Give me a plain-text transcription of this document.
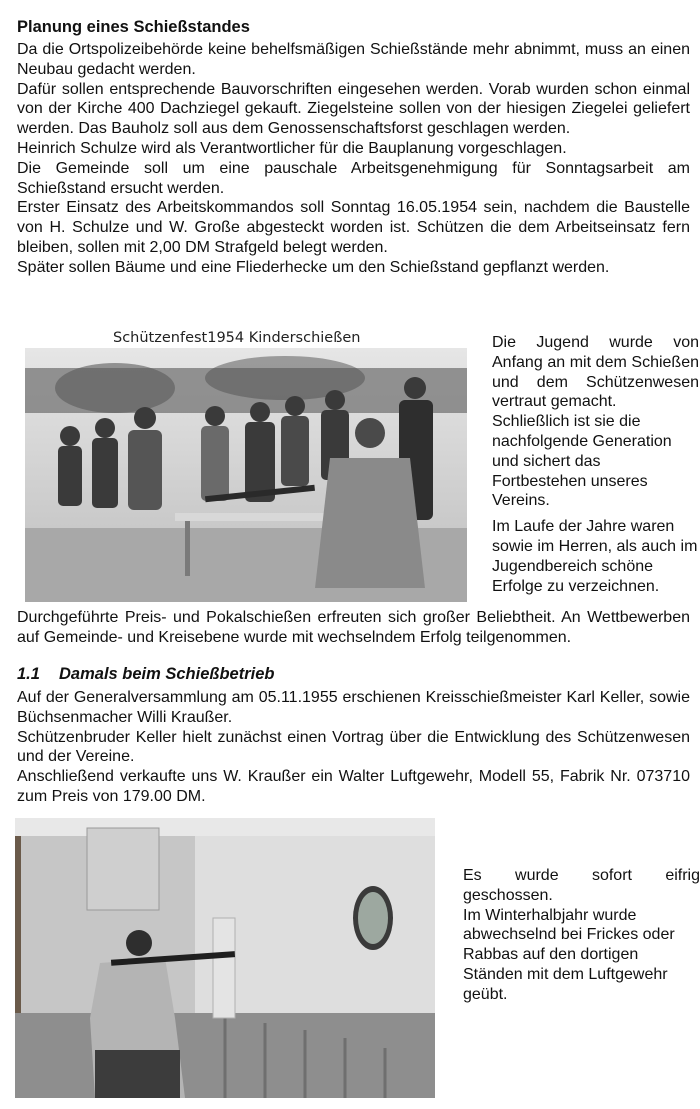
Planung eines Schießstandes

Da die Ortspolizeibehörde keine behelfsmäßigen Schießstände mehr abnimmt, muss an einen Neubau gedacht werden.

Dafür sollen entsprechende Bauvorschriften eingesehen werden. Vorab wurden schon einmal von der Kirche 400 Dachziegel gekauft. Ziegelsteine sollen von der hiesigen Ziegelei geliefert werden. Das Bauholz soll aus dem Genossenschaftsforst geschlagen werden.

Heinrich Schulze wird als Verantwortlicher für die Bauplanung vorgeschlagen.

Die Gemeinde soll um eine pauschale Arbeitsgenehmigung für Sonntagsarbeit am Schießstand ersucht werden.

Erster Einsatz des Arbeitskommandos soll Sonntag 16.05.1954 sein, nachdem die Baustelle von H. Schulze und W. Große abgesteckt worden ist. Schützen die dem Arbeitseinsatz fern bleiben, sollen mit 2,00 DM Strafgeld belegt werden.

Später sollen Bäume und eine Fliederhecke um den Schießstand gepflanzt werden.

Schützenfest1954 Kinderschießen	Die Jugend wurde von Anfang an mit dem Schießen und dem Schützenwesen vertraut gemacht.

Schließlich ist sie die nachfolgende Generation und sichert das Fortbestehen unseres Vereins.

Im Laufe der Jahre waren sowie im Herren, als auch im Jugendbereich schöne Erfolge zu verzeichnen.

Durchgeführte Preis- und Pokalschießen erfreuten sich großer Beliebtheit. An Wettbewerben auf Gemeinde- und Kreisebene wurde mit wechselndem Erfolg teilgenommen.

1.1 Damals beim Schießbetrieb

Auf der Generalversammlung am 05.11.1955 erschienen Kreisschießmeister Karl Keller, sowie Büchsenmacher Willi Kraußer.

Schützenbruder Keller hielt zunächst einen Vortrag über die Entwicklung des Schützenwesen und der Vereine.

Anschließend verkaufte uns W. Kraußer ein Walter Luftgewehr, Modell 55, Fabrik Nr. 073710 zum Preis von 179.00 DM.

Es wurde sofort eifrig geschossen.

Im Winterhalbjahr wurde abwechselnd bei Frickes oder Rabbas auf den dortigen Ständen mit dem Luftgewehr geübt.
